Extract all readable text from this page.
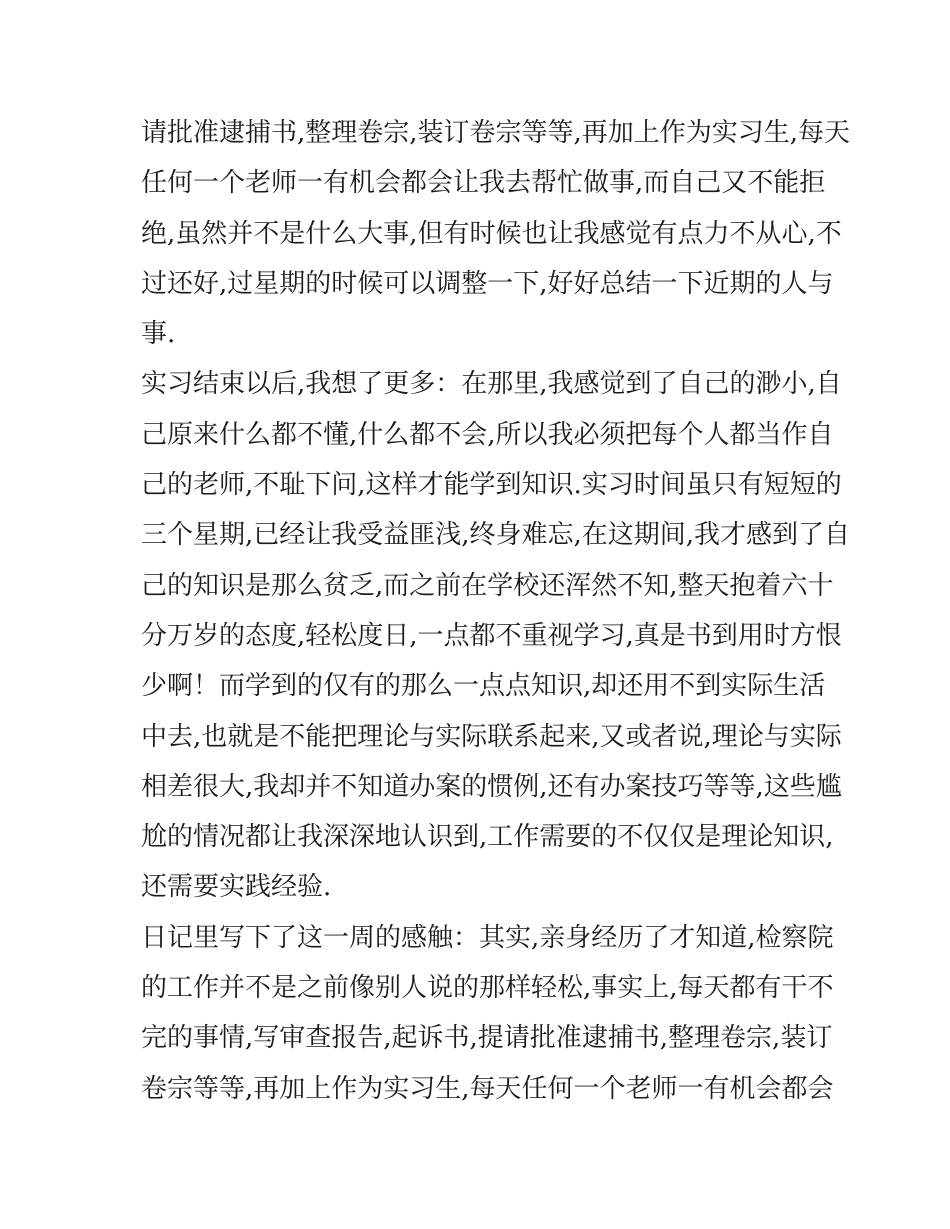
请批准逮捕书,整理卷宗,装订卷宗等等,再加上作为实习生,每天
任何一个老师一有机会都会让我去帮忙做事,而自己又不能拒
绝,虽然并不是什么大事,但有时候也让我感觉有点力不从心,不
过还好,过星期的时候可以调整一下,好好总结一下近期的人与
事.
实习结束以后,我想了更多：在那里,我感觉到了自己的渺小,自
己原来什么都不懂,什么都不会,所以我必须把每个人都当作自
己的老师,不耻下问,这样才能学到知识.实习时间虽只有短短的
三个星期,已经让我受益匪浅,终身难忘,在这期间,我才感到了自
己的知识是那么贫乏,而之前在学校还浑然不知,整天抱着六十
分万岁的态度,轻松度日,一点都不重视学习,真是书到用时方恨
少啊！而学到的仅有的那么一点点知识,却还用不到实际生活
中去,也就是不能把理论与实际联系起来,又或者说,理论与实际
相差很大,我却并不知道办案的惯例,还有办案技巧等等,这些尴
尬的情况都让我深深地认识到,工作需要的不仅仅是理论知识,
还需要实践经验.
日记里写下了这一周的感触：其实,亲身经历了才知道,检察院
的工作并不是之前像别人说的那样轻松,事实上,每天都有干不
完的事情,写审查报告,起诉书,提请批准逮捕书,整理卷宗,装订
卷宗等等,再加上作为实习生,每天任何一个老师一有机会都会
